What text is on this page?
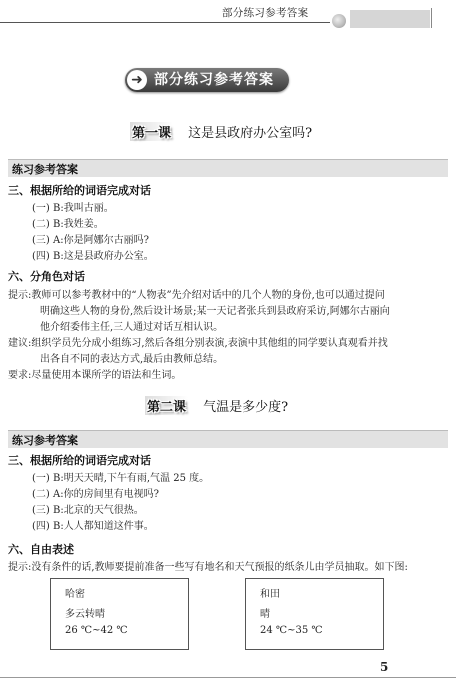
部分练习参考答案
➜ 部分练习参考答案
第一课 这是县政府办公室吗?
练习参考答案
三、根据所给的词语完成对话
(一) B:我叫古丽。
(二) B:我姓姜。
(三) A:你是阿娜尔古丽吗?
(四) B:这是县政府办公室。
六、分角色对话
提示:教师可以参考教材中的“人物表”先介绍对话中的几个人物的身份,也可以通过提问
明确这些人物的身份,然后设计场景;某一天记者张兵到县政府采访,阿娜尔古丽向
他介绍委伟主任,三人通过对话互相认识。
建议:组织学员先分成小组练习,然后各组分别表演,表演中其他组的同学要认真观看并找
出各自不同的表达方式,最后由教师总结。
要求:尽量使用本课所学的语法和生词。
第二课 气温是多少度?
练习参考答案
三、根据所给的词语完成对话
(一) B:明天天晴,下午有雨,气温 25 度。
(二) A:你的房间里有电视吗?
(三) B:北京的天气很热。
(四) B:人人都知道这件事。
六、自由表述
提示:没有条件的话,教师要提前准备一些写有地名和天气预报的纸条儿由学员抽取。如下图:
哈密
多云转晴
26 ℃~42 ℃
和田
晴
24 ℃~35 ℃
5
